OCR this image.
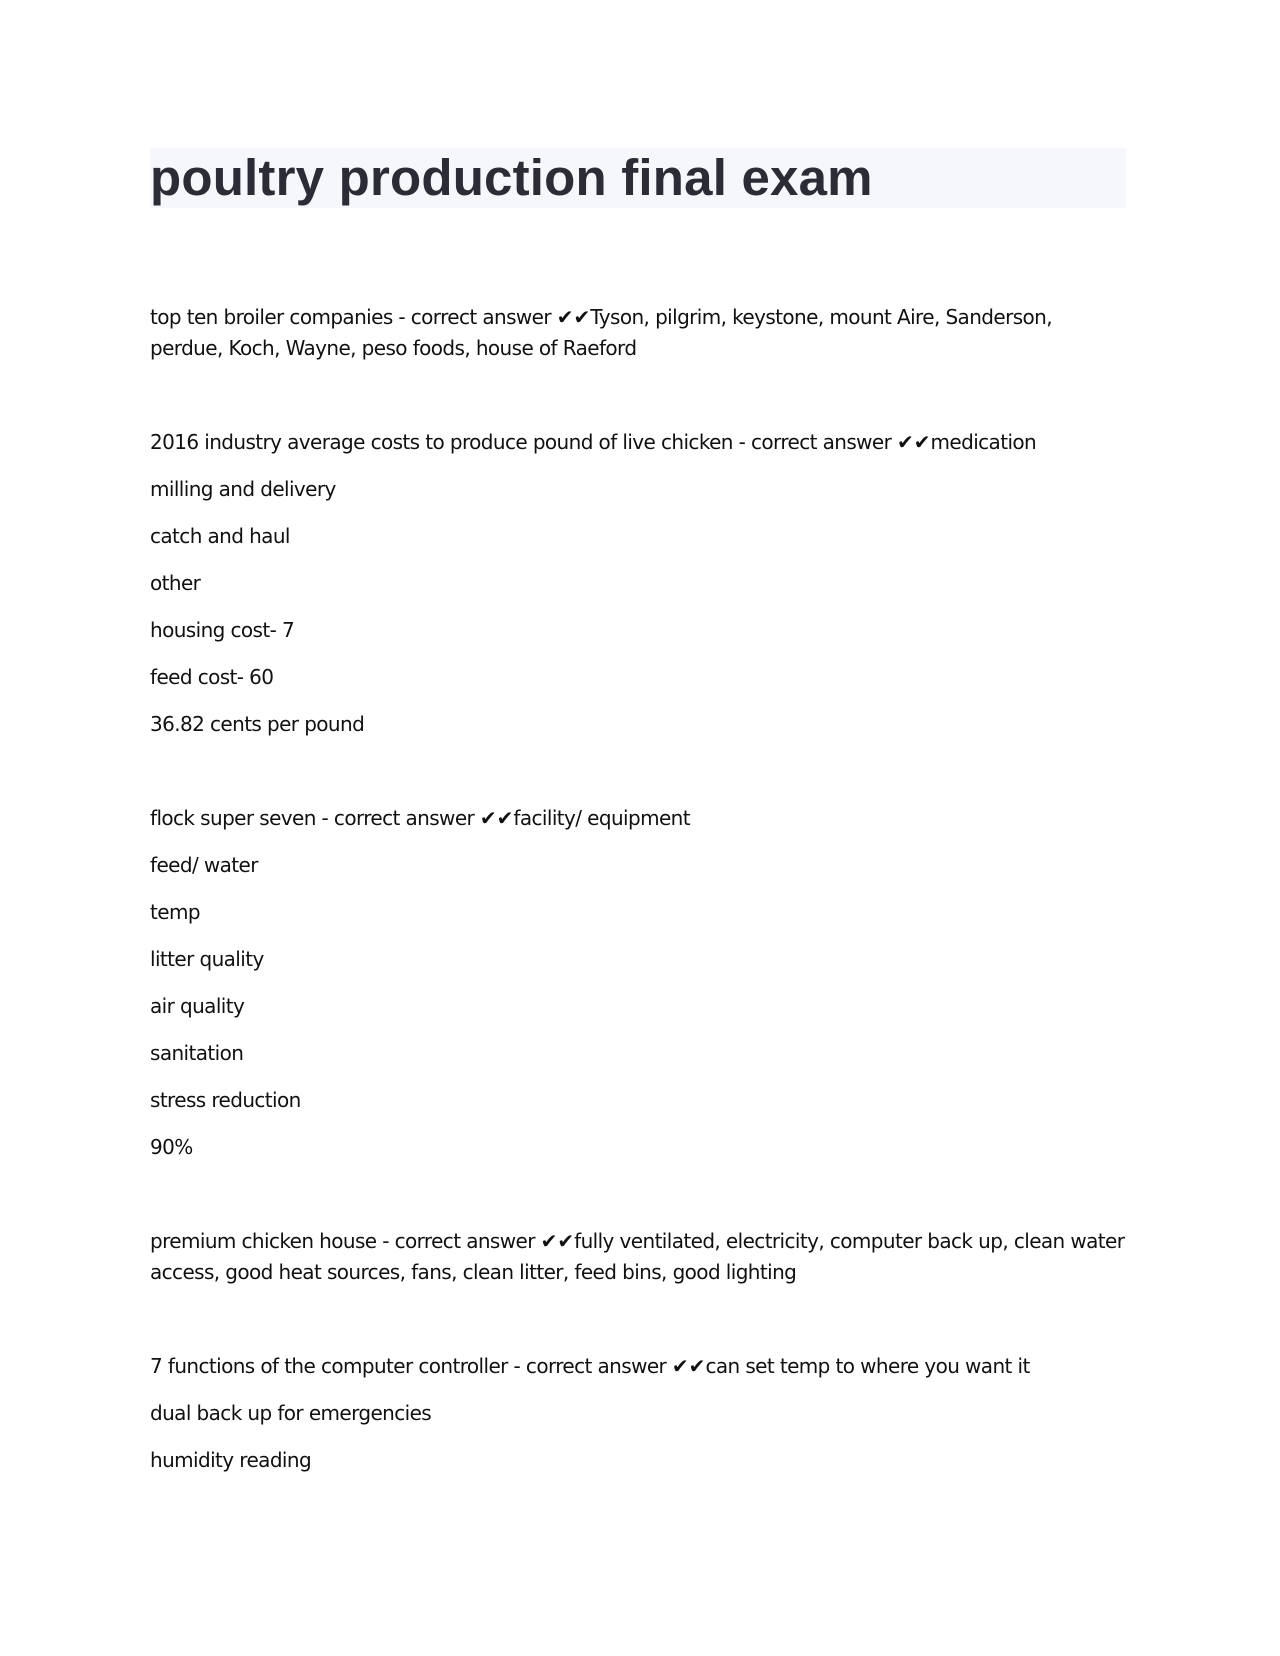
poultry production final exam

top ten broiler companies - correct answer ✔✔Tyson, pilgrim, keystone, mount Aire, Sanderson, perdue, Koch, Wayne, peso foods, house of Raeford

2016 industry average costs to produce pound of live chicken - correct answer ✔✔medication

milling and delivery

catch and haul

other

housing cost- 7

feed cost- 60

36.82 cents per pound

flock super seven - correct answer ✔✔facility/ equipment

feed/ water

temp

litter quality

air quality

sanitation

stress reduction

90%

premium chicken house - correct answer ✔✔fully ventilated, electricity, computer back up, clean water access, good heat sources, fans, clean litter, feed bins, good lighting

7 functions of the computer controller - correct answer ✔✔can set temp to where you want it

dual back up for emergencies

humidity reading
